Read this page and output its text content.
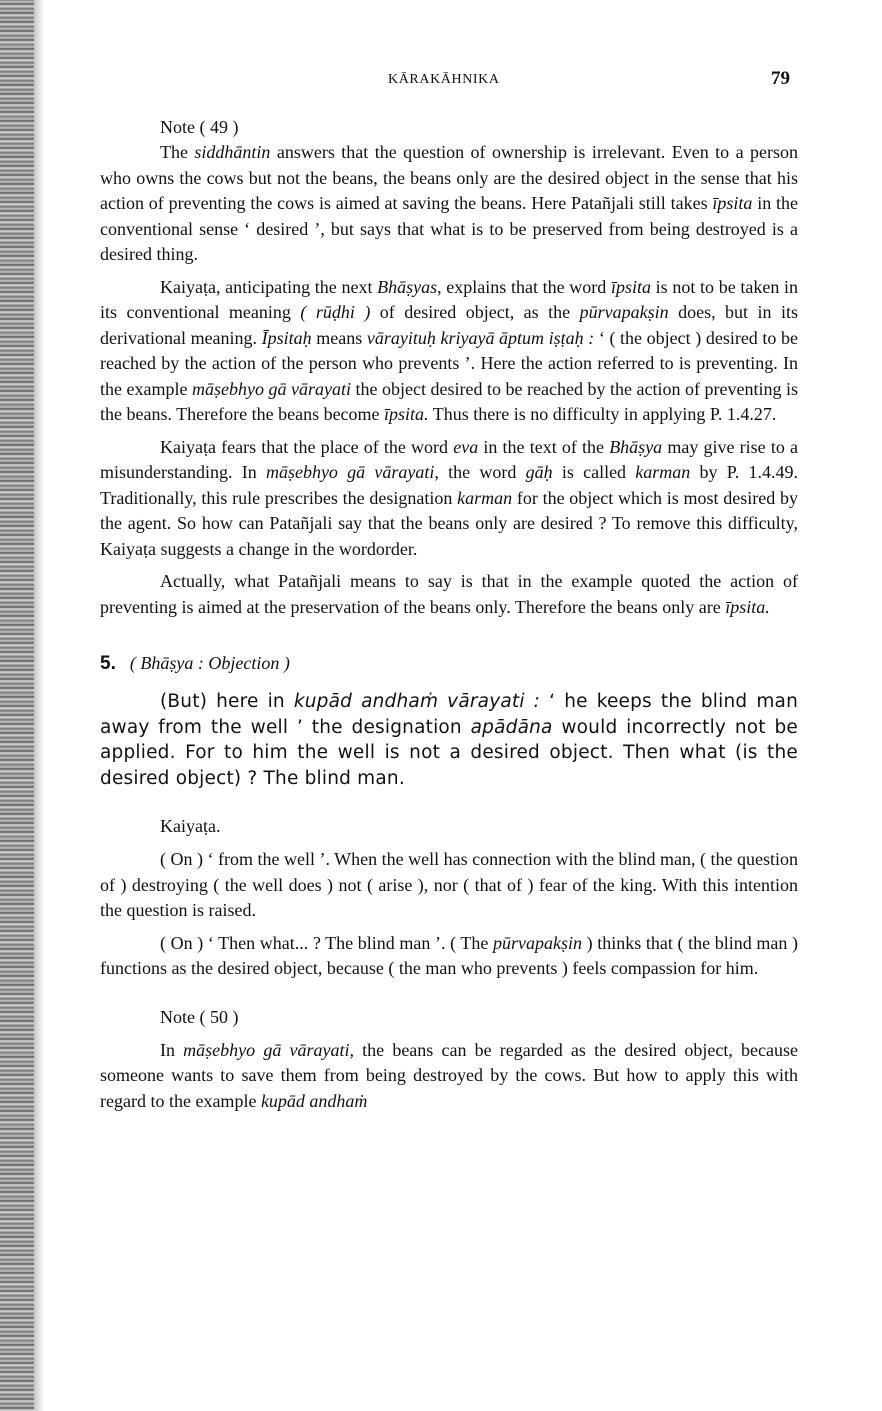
KĀRAKĀHNIKA	79
Note ( 49 )

The siddhāntin answers that the question of ownership is irrelevant. Even to a person who owns the cows but not the beans, the beans only are the desired object in the sense that his action of preventing the cows is aimed at saving the beans. Here Patañjali still takes īpsita in the conventional sense ‘ desired ’, but says that what is to be preserved from being destroyed is a desired thing.

Kaiyaṭa, anticipating the next Bhāṣyas, explains that the word īpsita is not to be taken in its conventional meaning ( rūḍhi ) of desired object, as the pūrvapakṣin does, but in its derivational meaning. Īpsitaḥ means vārayituḥ kriyayā āptum iṣṭaḥ : ‘ ( the object ) desired to be reached by the action of the person who prevents ’. Here the action referred to is preventing. In the example māṣebhyo gā vārayati the object desired to be reached by the action of preventing is the beans. Therefore the beans become īpsita. Thus there is no difficulty in applying P. 1.4.27.

Kaiyaṭa fears that the place of the word eva in the text of the Bhāṣya may give rise to a misunderstanding. In māṣebhyo gā vārayati, the word gāḥ is called karman by P. 1.4.49. Traditionally, this rule prescribes the designation karman for the object which is most desired by the agent. So how can Patañjali say that the beans only are desired ? To remove this difficulty, Kaiyaṭa suggests a change in the wordorder.

Actually, what Patañjali means to say is that in the example quoted the action of preventing is aimed at the preservation of the beans only. Therefore the beans only are īpsita.

5. ( Bhāṣya : Objection )

(But) here in kupād andhaṁ vārayati : ‘ he keeps the blind man away from the well ’ the designation apādāna would incorrectly not be applied. For to him the well is not a desired object. Then what (is the desired object) ? The blind man.

Kaiyaṭa.

( On ) ‘ from the well ’. When the well has connection with the blind man, ( the question of ) destroying ( the well does ) not ( arise ), nor ( that of ) fear of the king. With this intention the question is raised.

( On ) ‘ Then what... ? The blind man ’. ( The pūrvapakṣin ) thinks that ( the blind man ) functions as the desired object, because ( the man who prevents ) feels compassion for him.

Note ( 50 )

In māṣebhyo gā vārayati, the beans can be regarded as the desired object, because someone wants to save them from being destroyed by the cows. But how to apply this with regard to the example kupād andhaṁ
